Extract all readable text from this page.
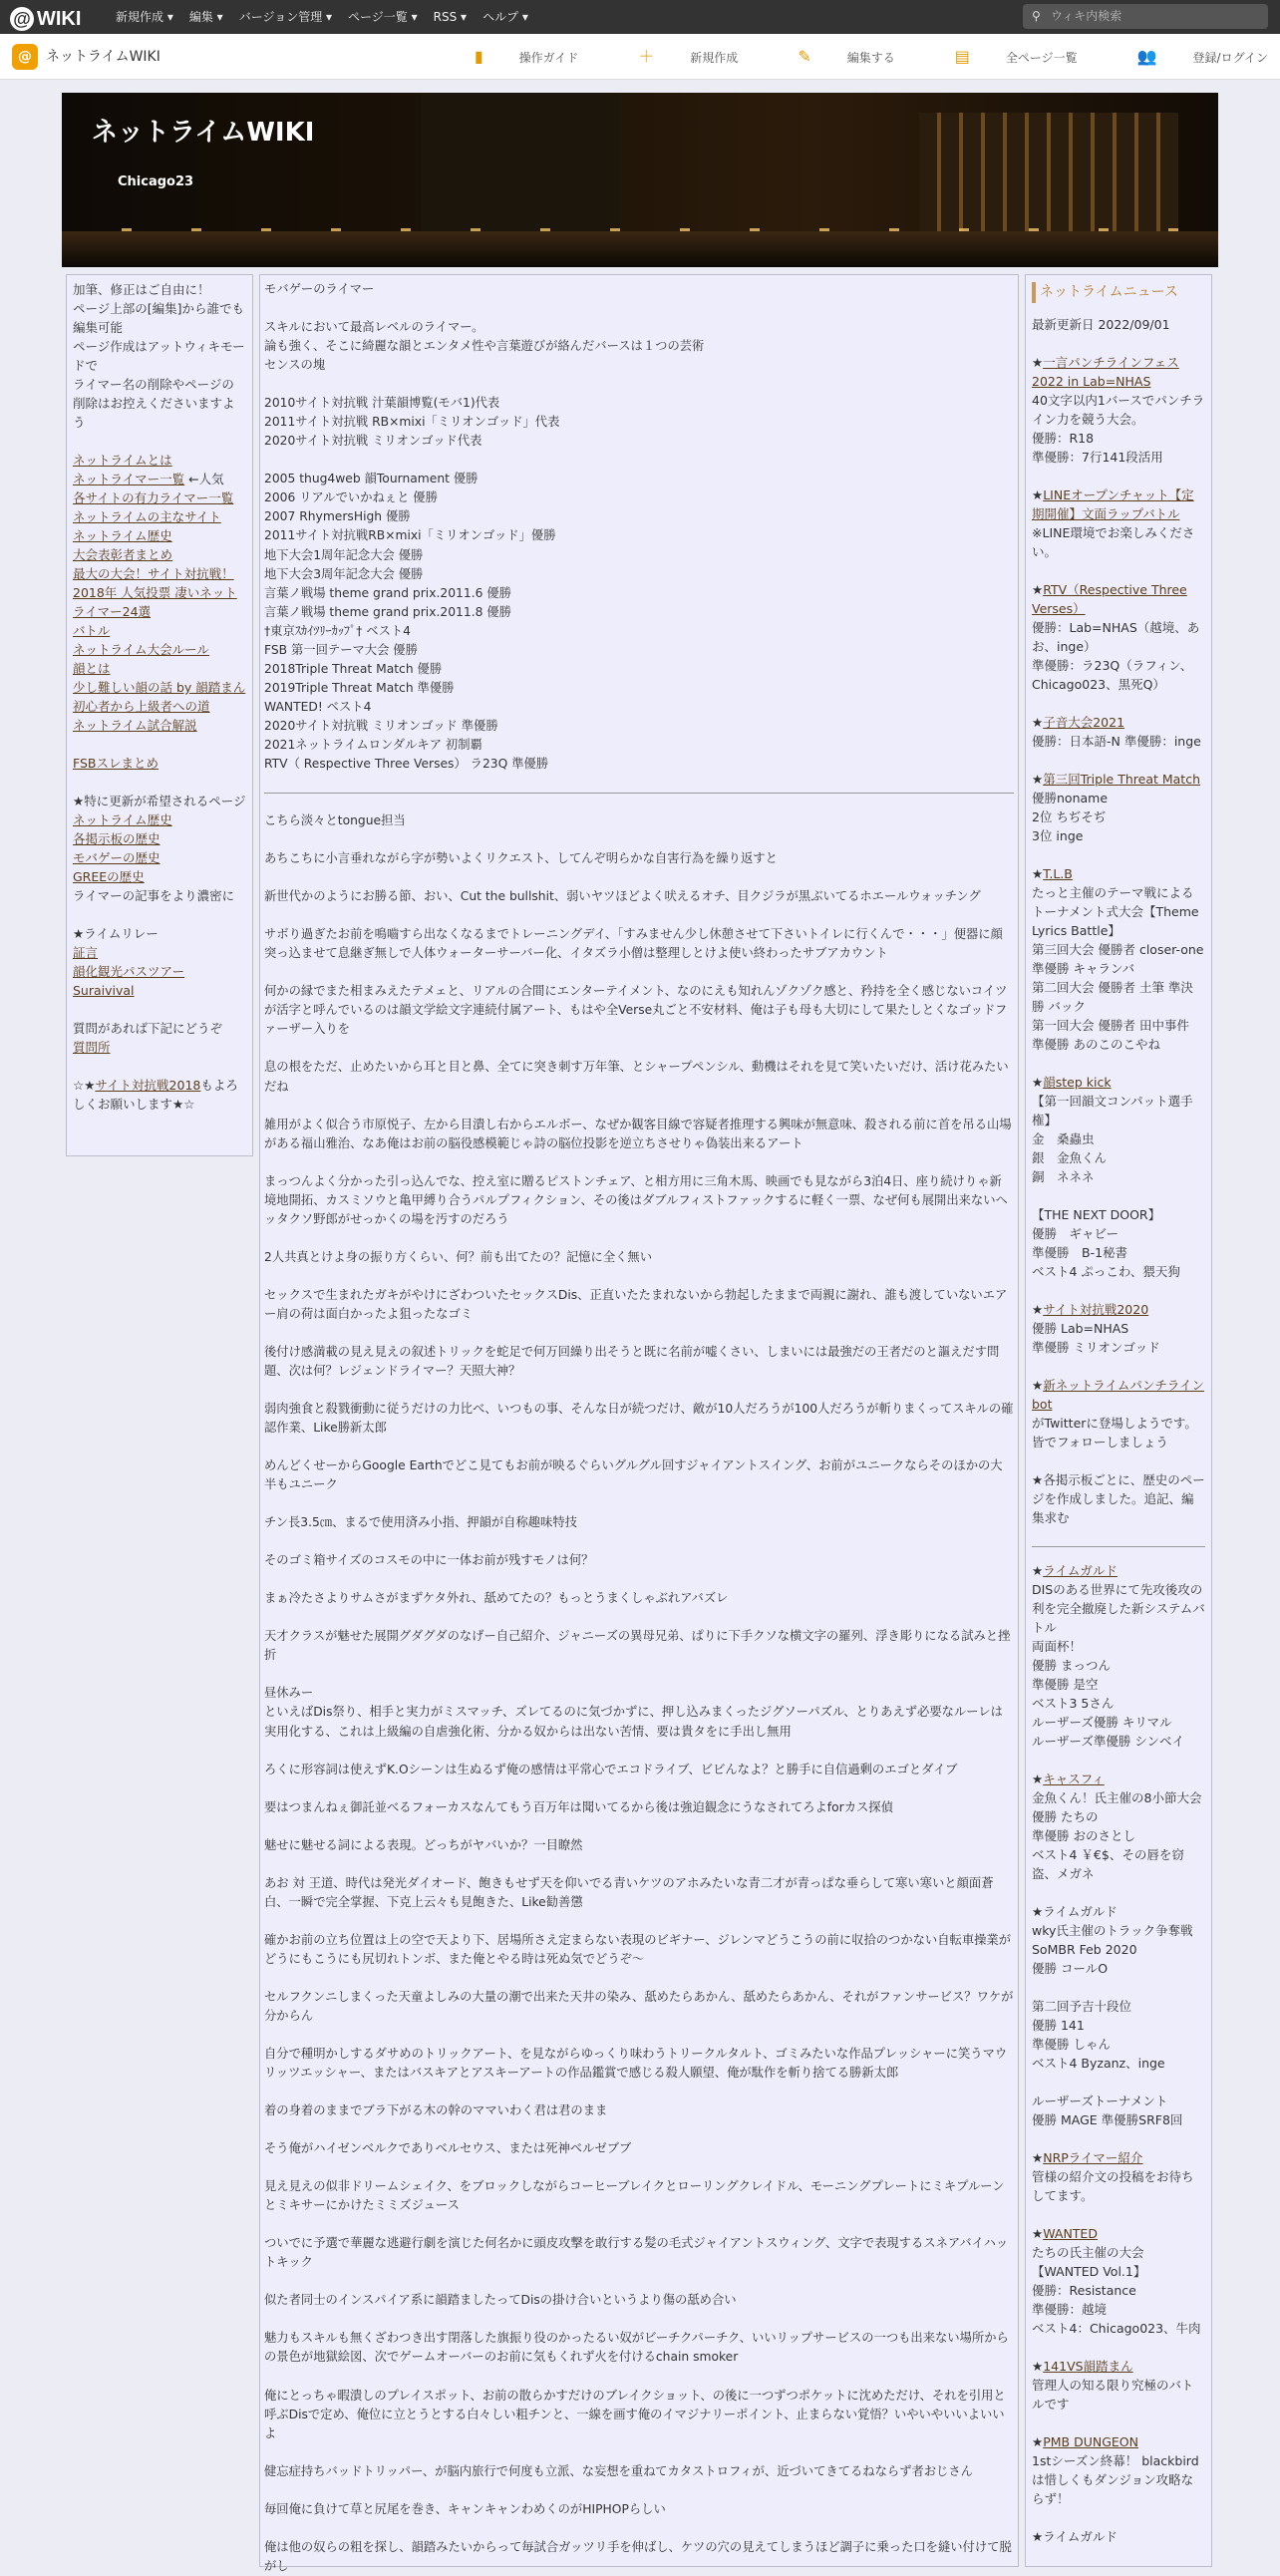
@ WIKI	新規作成 ▾	編集 ▾	バージョン管理 ▾	ページ一覧 ▾	RSS ▾	ヘルプ ▾	⚲ ウィキ内検索
@ ネットライムWIKI	▮	操作ガイド	＋	新規作成	✎	編集する	▤	全ページ一覧	👥	登録/ログイン
ネットライムWIKI
Chicago23
加筆、修正はご自由に！
ページ上部の[編集]から誰でも編集可能
ページ作成はアットウィキモードで
ライマー名の削除やページの削除はお控えくださいますよう
ネットライムとは
ネットライマー一覧 ←人気
各サイトの有力ライマー一覧
ネットライムの主なサイト
ネットライム歴史
大会表彰者まとめ
最大の大会！サイト対抗戦！
2018年 人気投票 凄いネットライマー24選
バトル
ネットライム大会ルール
韻とは
少し難しい韻の話 by 韻踏まん
初心者から上級者への道
ネットライム試合解説
FSBスレまとめ
★特に更新が希望されるページ
ネットライム歴史
各掲示板の歴史
モバゲーの歴史
GREEの歴史
ライマーの記事をより濃密に
★ライムリレー
証言
韻化観光パスツアー
Suraivival
質問があれば下記にどうぞ
質問所
☆★サイト対抗戦2018もよろしくお願いします★☆

モバゲーのライマー

スキルにおいて最高レベルのライマー。
論も強く、そこに綺麗な韻とエンタメ性や言葉遊びが絡んだバースは１つの芸術
センスの塊

2010サイト対抗戦 汁葉韻博覧(モバ1)代表
2011サイト対抗戦 RB×mixi「ミリオンゴッド」代表
2020サイト対抗戦 ミリオンゴッド代表

2005 thug4web 韻Tournament 優勝
2006 リアルでいかねぇと 優勝
2007 RhymersHigh 優勝
2011サイト対抗戦RB×mixi「ミリオンゴッド」優勝
地下大会1周年記念大会 優勝
地下大会3周年記念大会 優勝
言葉ノ戦場 theme grand prix.2011.6 優勝
言葉ノ戦場 theme grand prix.2011.8 優勝
†東京ｽｶｲﾂﾘｰｶｯﾌﾟ† ベスト4
FSB 第一回テーマ大会 優勝
2018Triple Threat Match 優勝
2019Triple Threat Match 準優勝
WANTED! ベスト4
2020サイト対抗戦 ミリオンゴッド 準優勝
2021ネットライムロンダルキア 初制覇
RTV（ Respective Three Verses） ラ23Q 準優勝

こちら淡々とtongue担当

あちこちに小言垂れながら字が勢いよくリクエスト、してんぞ明らかな自害行為を繰り返すと

新世代かのようにお勝る節、おい、Cut the bullshit、弱いヤツほどよく吠えるオチ、目クジラが黒ぶいてるホエールウォッチング

サボり過ぎたお前を鳴嚙すら出なくなるまでトレーニングデイ、「すみません少し休憩させて下さいトイレに行くんで・・・」便器に顔突っ込ませて息継ぎ無しで人体ウォーターサーバー化、イタズラ小僧は整理しとけよ使い終わったサブアカウント

何かの縁でまた相まみえたテメェと、リアルの合間にエンターテイメント、なのにえも知れんゾクゾク感と、矜持を全く感じないコイツが活字と呼んでいるのは韻文学絵文字連続付属アート、もはや全Verse丸ごと不安材料、俺は子も母も大切にして果たしとくなゴッドファーザー入りを

息の根をただ、止めたいから耳と目と鼻、全てに突き刺す万年筆、とシャープペンシル、動機はそれを見て笑いたいだけ、活け花みたいだね

雑用がよく似合う市原悦子、左から目潰し右からエルボー、なぜか観客目線で容疑者推理する興味が無意味、殺される前に首を吊る山場がある福山雅治、なあ俺はお前の脳役感模範じゃ詩の脳位投影を逆立ちさせりゃ偽装出来るアート

まっつんよく分かった引っ込んでな、控え室に贈るピストンチェア、と相方用に三角木馬、映画でも見ながら3泊4日、座り続けりゃ新境地開拓、カスミソウと亀甲縛り合うパルプフィクション、その後はダブルフィストファックするに軽く一票、なぜ何も展開出来ないヘッタクソ野郎がせっかくの場を汚すのだろう

2人共真とけよ身の振り方くらい、何？前も出てたの？記憶に全く無い

セックスで生まれたガキがやけにざわついたセックスDis、正直いたたまれないから勃起したままで両親に謝れ、誰も渡していないエアー肩の荷は面白かったよ狙ったなゴミ

後付け感満載の見え見えの叙述トリックを蛇足で何万回繰り出そうと既に名前が嘘くさい、しまいには最強だの王者だのと謳えだす問題、次は何？レジェンドライマー？天照大神？

弱肉強食と殺戮衝動に従うだけの力比べ、いつもの事、そんな日が続つだけ、敵が10人だろうが100人だろうが斬りまくってスキルの確認作業、Like勝新太郎

めんどくせーからGoogle Earthでどこ見てもお前が映るぐらいグルグル回すジャイアントスイング、お前がユニークならそのほかの大半もユニーク

チン長3.5㎝、まるで使用済み小指、押韻が自称趣味特技

そのゴミ箱サイズのコスモの中に一体お前が残すモノは何？

まぁ冷たさよりサムさがまずケタ外れ、舐めてたの？もっとうまくしゃぶれアバズレ

天才クラスが魅せた展開グダグダのなげー自己紹介、ジャニーズの異母兄弟、ぱりに下手クソな横文字の羅列、浮き彫りになる試みと挫折

昼休みー
といえばDis祭り、相手と実力がミスマッチ、ズレてるのに気づかずに、押し込みまくったジグソーパズル、とりあえず必要なルーレは実用化する、これは上級編の自虐強化術、分かる奴からは出ない苦情、要は貴タをに手出し無用

ろくに形容詞は使えずK.Oシーンは生ぬるず俺の感情は平常心でエコドライブ、ビビんなよ？と勝手に自信過剰のエゴとダイブ

要はつまんねぇ御託並べるフォーカスなんてもう百万年は聞いてるから後は強迫観念にうなされてろよforカス探偵

魅せに魅せる詞による表現。どっちがヤバいか？一目瞭然

あお 対 王道、時代は発光ダイオード、飽きもせず天を仰いでる青いケツのアホみたいな青二才が青っぱな垂らして寒い寒いと顔面蒼白、一瞬で完全掌握、下克上云々も見飽きた、Like勧善懲

確かお前の立ち位置は上の空で天より下、居場所さえ定まらない表現のビギナー、ジレンマどうこうの前に収拾のつかない自転車操業がどうにもこうにも尻切れトンボ、また俺とやる時は死ぬ気でどうぞ～

セルフクンニしまくった天童よしみの大量の潮で出来た天井の染み、舐めたらあかん、舐めたらあかん、それがファンサービス？ワケが分からん

自分で種明かしするダサめのトリックアート、を見ながらゆっくり味わうトリークルタルト、ゴミみたいな作品プレッシャーに笑うマウリッツエッシャー、またはバスキアとアスキーアートの作品鑑賞で感じる殺人願望、俺が駄作を斬り捨てる勝新太郎

着の身着のままでブラ下がる木の幹のママいわく君は君のまま

そう俺がハイゼンベルクでありベルセウス、または死神ベルゼブブ

見え見えの似非ドリームシェイク、をブロックしながらコーヒーブレイクとローリングクレイドル、モーニングプレートにミキプルーンとミキサーにかけたミミズジュース

ついでに予選で華麗な逃避行劇を演じた何名かに頭皮攻撃を敢行する髪の毛式ジャイアントスウィング、文字で表現するスネアバイハットキック

似た者同士のインスパイア系に韻踏ましたってDisの掛け合いというより傷の舐め合い

魅力もスキルも無くざわつき出す閉落した旗振り役のかったるい奴がビーチクパーチク、いいリップサービスの一つも出来ない場所からの景色が地獄絵図、次でゲームオーバーのお前に気もくれず火を付けるchain smoker

俺にとっちゃ暇潰しのプレイスポット、お前の散らかすだけのブレイクショット、の後に一つずつポケットに沈めただけ、それを引用と呼ぶDisで定め、俺位に立とうとする白々しい粗チンと、一線を画す俺のイマジナリーポイント、止まらない覚悟？いやいやいいよいいよ

健忘症持ちバッドトリッパー、が脳内旅行で何度も立派、な妄想を重ねてカタストロフィが、近づいてきてるねならず者おじさん

毎回俺に負けて草と尻尾を巻き、キャンキャンわめくのがHIPHOPらしい

俺は他の奴らの粗を探し、韻踏みたいからって毎試合ガッツリ手を伸ばし、ケツの穴の見えてしまうほど調子に乗った口を縫い付けて脱がし

ネットライムニュース
最新更新日 2022/09/01
★一言パンチラインフェス2022 in Lab=NHAS
40文字以内1バースでパンチライン力を競う大会。
優勝：R18
準優勝：7行141段活用
★LINEオープンチャット【定期開催】文面ラップバトル
※LINE環境でお楽しみください。
★RTV（Respective Three Verses）
優勝：Lab=NHAS（越境、あお、inge）
準優勝：ラ23Q（ラフィン、Chicago023、黒死Q）
★子音大会2021
優勝：日本語-N 準優勝：inge
★第三回Triple Threat Match
優勝noname
2位 ちぢそぢ
3位 inge
★T.L.B
たっと主催のテーマ戦によるトーナメント式大会【Theme Lyrics Battle】
第三回大会 優勝者 closer-one 準優勝 キャランバ
第二回大会 優勝者 土筆 準決勝 バック
第一回大会 優勝者 田中事件 準優勝 あのこのこやね
★韻step kick
【第一回韻文コンパット選手権】
金　桑蟲虫
銀　金魚くん
銅　ネネネ
【THE NEXT DOOR】
優勝　ギャビー
準優勝　B-1秘書
ベスト4 ぷっこわ、猥天狗
★サイト対抗戦2020
優勝 Lab=NHAS
準優勝 ミリオンゴッド
★新ネットライムパンチラインbot
がTwitterに登場しようです。皆でフォローしましょう
★各掲示板ごとに、歴史のページを作成しました。追記、編集求む
★ライムガルド
DISのある世界にて先攻後攻の利を完全撤廃した新システムバトル
両面杯！
優勝 まっつん
準優勝 是空
ベスト3 5さん
ルーザーズ優勝 キリマル
ルーザーズ準優勝 シンベイ
★キャスフィ
金魚くん！氏主催の8小節大会
優勝 たちの
準優勝 おのさとし
ベスト4 ￥€$、その唇を窃盗、メガネ
★ライムガルド
wky氏主催のトラック争奪戦SoMBR Feb 2020
優勝 コールO
第二回予吉十段位
優勝 141
準優勝 しゃん
ベスト4 Byzanz、inge
ルーザーズトーナメント
優勝 MAGE 準優勝SRF8回
★NRPライマー紹介
管様の紹介文の投稿をお待ちしてます。
★WANTED
たちの氏主催の大会【WANTED Vol.1】
優勝：Resistance
準優勝：越境
ベスト4：Chicago023、牛肉
★141VS韻踏まん
管理人の知る限り究極のバトルです
★PMB DUNGEON
1stシーズン終幕！ blackbirdは惜しくもダンジョン攻略ならず！
★ライムガルド
